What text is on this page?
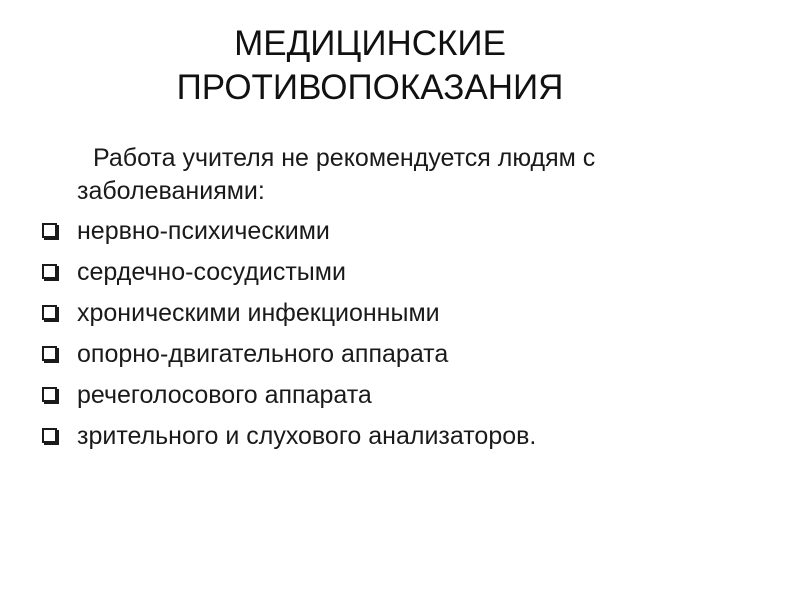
МЕДИЦИНСКИЕ
ПРОТИВОПОКАЗАНИЯ

Работа учителя не рекомендуется людям с заболеваниями:

нервно-психическими
сердечно-сосудистыми
хроническими инфекционными
опорно-двигательного аппарата
речеголосового аппарата
зрительного и слухового анализаторов.
